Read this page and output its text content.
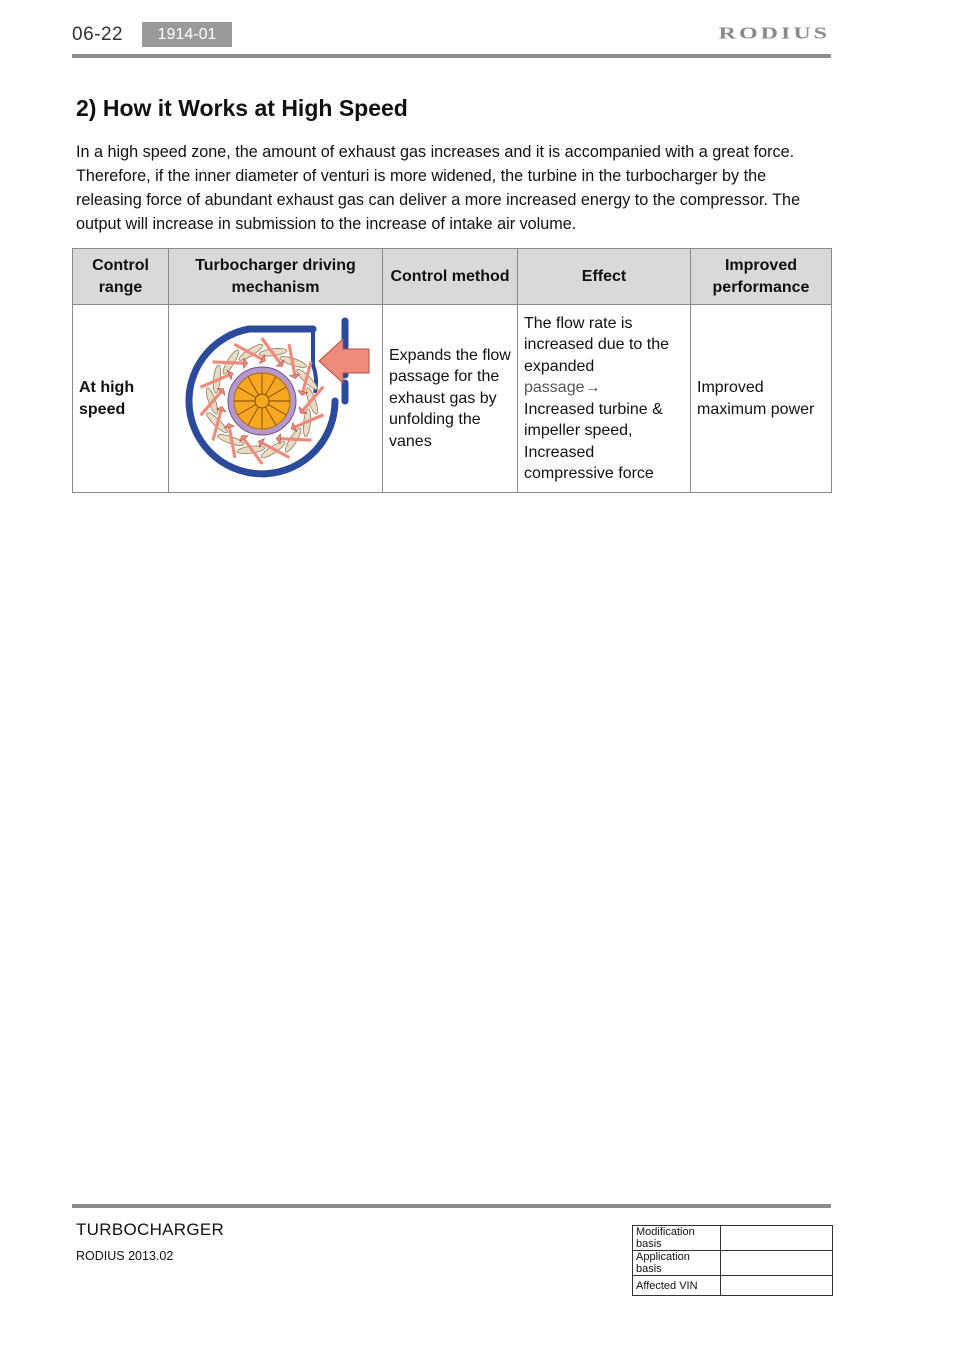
06-22	1914-01	RODIUS
2) How it Works at High Speed

In a high speed zone, the amount of exhaust gas increases and it is accompanied with a great force. Therefore, if the inner diameter of venturi is more widened, the turbine in the turbocharger by the releasing force of abundant exhaust gas can deliver a more increased energy to the compressor. The output will increase in submission to the increase of intake air volume.

Control range	Turbocharger driving mechanism	Control method	Effect	Improved performance
At high speed		Expands the flow passage for the exhaust gas by unfolding the vanes	The flow rate is increased due to the expanded
passage→
Increased turbine & impeller speed, Increased compressive force	Improved maximum power
TURBOCHARGER
RODIUS 2013.02
Modification basis	
Application basis	
Affected VIN	
